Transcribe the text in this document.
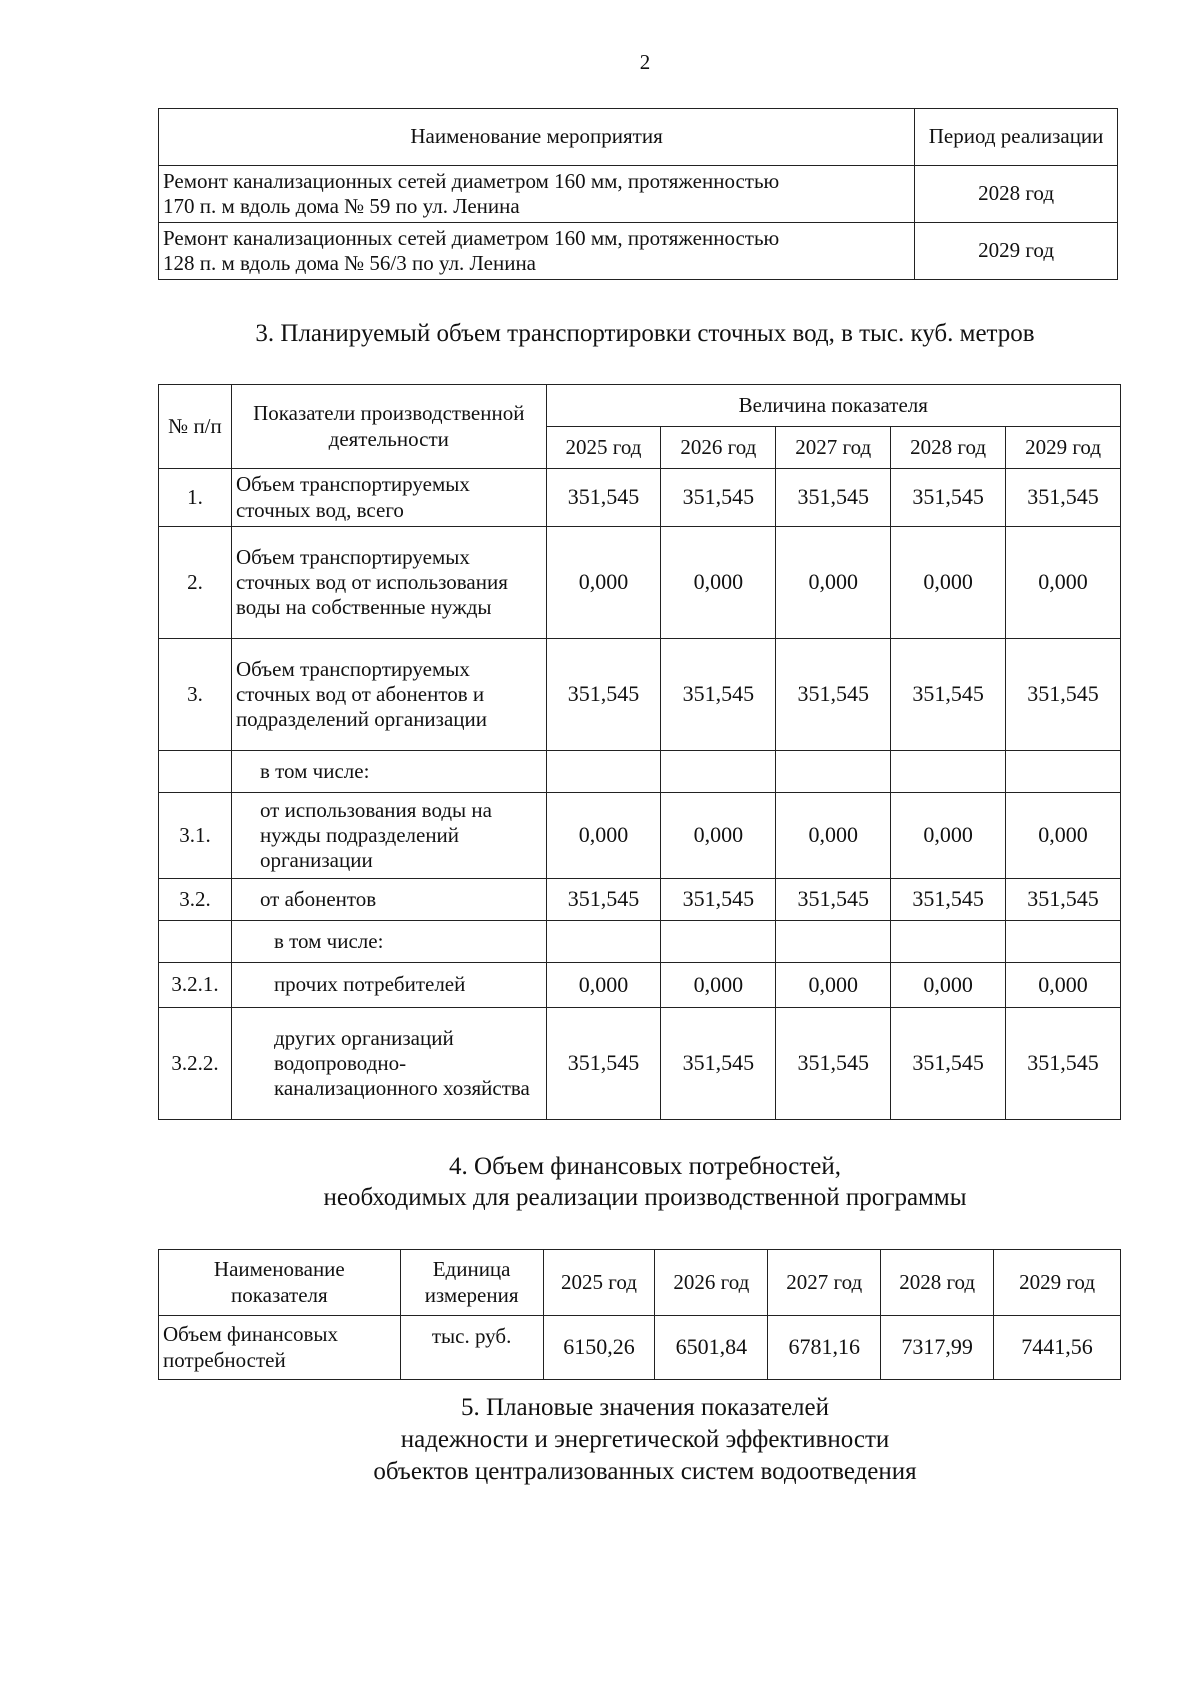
2
Наименование мероприятия	Период реализации

Ремонт канализационных сетей диаметром 160 мм, протяженностью
170 п. м вдоль дома № 59 по ул. Ленина	2028 год

Ремонт канализационных сетей диаметром 160 мм, протяженностью
128 п. м вдоль дома № 56/3 по ул. Ленина	2029 год
3. Планируемый объем транспортировки сточных вод, в тыс. куб. метров
№ п/п	Показатели производственной деятельности	Величина показателя				
		2025 год	2026 год	2027 год	2028 год	2029 год
1.	Объем транспортируемых сточных вод, всего	351,545	351,545	351,545	351,545	351,545
2.	Объем транспортируемых сточных вод от использования воды на собственные нужды	0,000	0,000	0,000	0,000	0,000
3.	Объем транспортируемых сточных вод от абонентов и подразделений организации	351,545	351,545	351,545	351,545	351,545
	в том числе:					
3.1.	от использования воды на нужды подразделений организации	0,000	0,000	0,000	0,000	0,000
3.2.	от абонентов	351,545	351,545	351,545	351,545	351,545
	в том числе:					
3.2.1.	прочих потребителей	0,000	0,000	0,000	0,000	0,000
3.2.2.	других организаций водопроводно-канализационного хозяйства	351,545	351,545	351,545	351,545	351,545
4. Объем финансовых потребностей,
необходимых для реализации производственной программы
Наименование показателя	Единица измерения	2025 год	2026 год	2027 год	2028 год	2029 год
Объем финансовых потребностей	тыс. руб.	6150,26	6501,84	6781,16	7317,99	7441,56
5. Плановые значения показателей
надежности и энергетической эффективности
объектов централизованных систем водоотведения
